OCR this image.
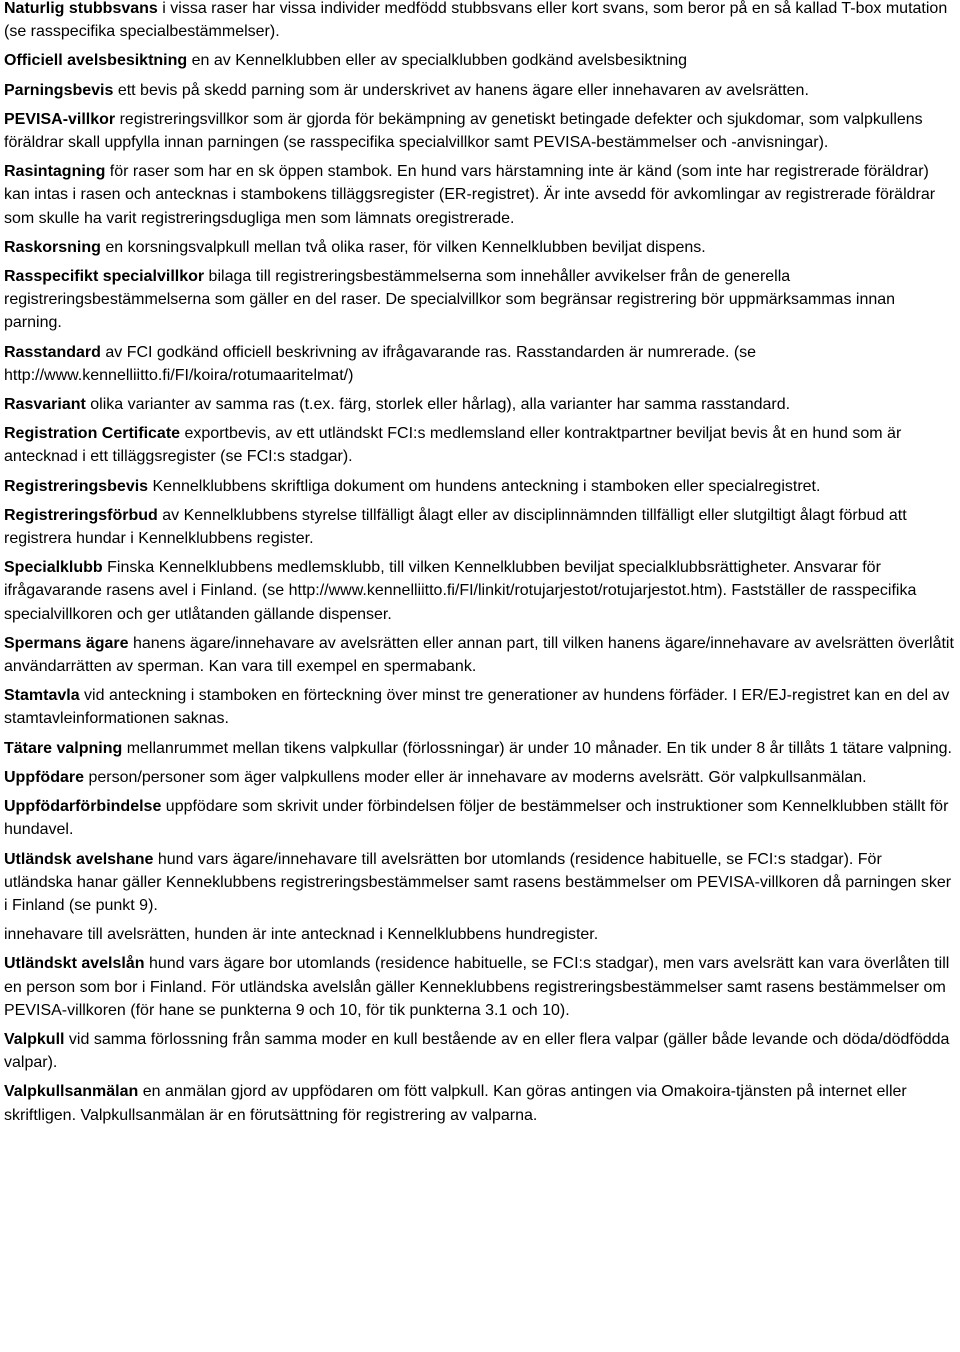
Naturlig stubbsvans i vissa raser har vissa individer medfödd stubbsvans eller kort svans, som beror på en så kallad T-box mutation (se rasspecifika specialbestämmelser).

Officiell avelsbesiktning en av Kennelklubben eller av specialklubben godkänd avelsbesiktning

Parningsbevis ett bevis på skedd parning som är underskrivet av hanens ägare eller innehavaren av avelsrätten.

PEVISA-villkor registreringsvillkor som är gjorda för bekämpning av genetiskt betingade defekter och sjukdomar, som valpkullens föräldrar skall uppfylla innan parningen (se rasspecifika specialvillkor samt PEVISA-bestämmelser och -anvisningar).

Rasintagning för raser som har en sk öppen stambok. En hund vars härstamning inte är känd (som inte har registrerade föräldrar) kan intas i rasen och antecknas i stambokens tilläggsregister (ER-registret). Är inte avsedd för avkomlingar av registrerade föräldrar som skulle ha varit registreringsdugliga men som lämnats oregistrerade.

Raskorsning en korsningsvalpkull mellan två olika raser, för vilken Kennelklubben beviljat dispens.

Rasspecifikt specialvillkor bilaga till registreringsbestämmelserna som innehåller avvikelser från de generella registreringsbestämmelserna som gäller en del raser. De specialvillkor som begränsar registrering bör uppmärksammas innan parning.

Rasstandard av FCI godkänd officiell beskrivning av ifrågavarande ras. Rasstandarden är numrerade. (se http://www.kennelliitto.fi/FI/koira/rotumaaritelmat/)

Rasvariant olika varianter av samma ras (t.ex. färg, storlek eller hårlag), alla varianter har samma rasstandard.

Registration Certificate exportbevis, av ett utländskt FCI:s medlemsland eller kontraktpartner beviljat bevis åt en hund som är antecknad i ett tilläggsregister (se FCI:s stadgar).

Registreringsbevis Kennelklubbens skriftliga dokument om hundens anteckning i stamboken eller specialregistret.

Registreringsförbud av Kennelklubbens styrelse tillfälligt ålagt eller av disciplinnämnden tillfälligt eller slutgiltigt ålagt förbud att registrera hundar i Kennelklubbens register.

Specialklubb Finska Kennelklubbens medlemsklubb, till vilken Kennelklubben beviljat specialklubbsrättigheter. Ansvarar för ifrågavarande rasens avel i Finland. (se http://www.kennelliitto.fi/FI/linkit/rotujarjestot/rotujarjestot.htm). Fastställer de rasspecifika specialvillkoren och ger utlåtanden gällande dispenser.

Spermans ägare hanens ägare/innehavare av avelsrätten eller annan part, till vilken hanens ägare/innehavare av avelsrätten överlåtit användarrätten av sperman. Kan vara till exempel en spermabank.

Stamtavla vid anteckning i stamboken en förteckning över minst tre generationer av hundens förfäder. I ER/EJ-registret kan en del av stamtavleinformationen saknas.

Tätare valpning mellanrummet mellan tikens valpkullar (förlossningar) är under 10 månader. En tik under 8 år tillåts 1 tätare valpning.

Uppfödare person/personer som äger valpkullens moder eller är innehavare av moderns avelsrätt. Gör valpkullsanmälan.

Uppfödarförbindelse uppfödare som skrivit under förbindelsen följer de bestämmelser och instruktioner som Kennelklubben ställt för hundavel.

Utländsk avelshane hund vars ägare/innehavare till avelsrätten bor utomlands (residence habituelle, se FCI:s stadgar). För utländska hanar gäller Kenneklubbens registreringsbestämmelser samt rasens bestämmelser om PEVISA-villkoren då parningen sker i Finland (se punkt 9).

innehavare till avelsrätten, hunden är inte antecknad i Kennelklubbens hundregister.

Utländskt avelslån hund vars ägare bor utomlands (residence habituelle, se FCI:s stadgar), men vars avelsrätt kan vara överlåten till en person som bor i Finland. För utländska avelslån gäller Kenneklubbens registreringsbestämmelser samt rasens bestämmelser om PEVISA-villkoren (för hane se punkterna 9 och 10, för tik punkterna 3.1 och 10).

Valpkull vid samma förlossning från samma moder en kull bestående av en eller flera valpar (gäller både levande och döda/dödfödda valpar).

Valpkullsanmälan en anmälan gjord av uppfödaren om fött valpkull. Kan göras antingen via Omakoira-tjänsten på internet eller skriftligen. Valpkullsanmälan är en förutsättning för registrering av valparna.
